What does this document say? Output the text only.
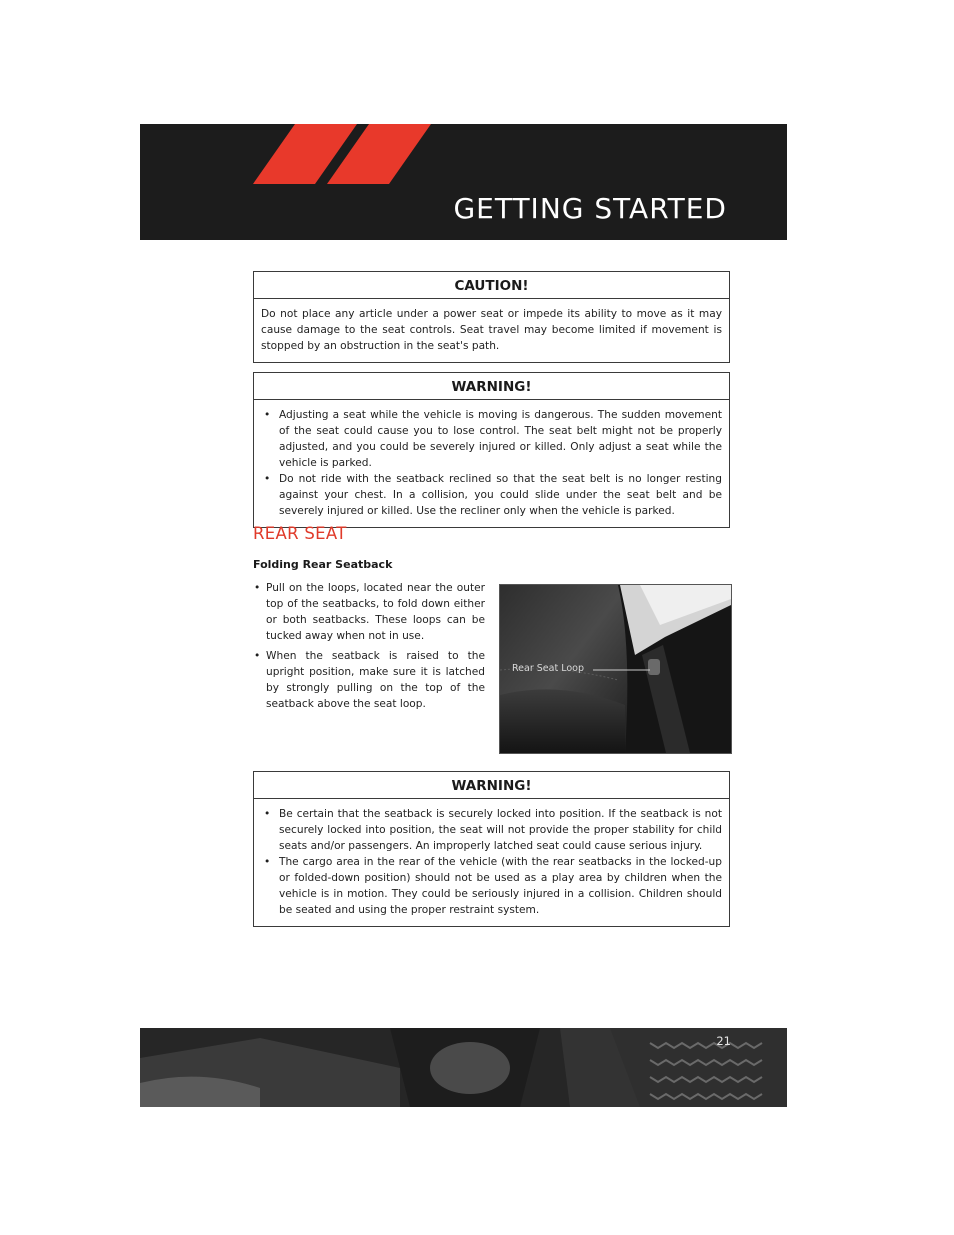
GETTING STARTED
CAUTION!
Do not place any article under a power seat or impede its ability to move as it may cause damage to the seat controls. Seat travel may become limited if movement is stopped by an obstruction in the seat's path.
WARNING!
• Adjusting a seat while the vehicle is moving is dangerous. The sudden movement of the seat could cause you to lose control. The seat belt might not be properly adjusted, and you could be severely injured or killed. Only adjust a seat while the vehicle is parked.
• Do not ride with the seatback reclined so that the seat belt is no longer resting against your chest. In a collision, you could slide under the seat belt and be severely injured or killed. Use the recliner only when the vehicle is parked.
REAR SEAT
Folding Rear Seatback
• Pull on the loops, located near the outer top of the seatbacks, to fold down either or both seatbacks. These loops can be tucked away when not in use.
• When the seatback is raised to the upright position, make sure it is latched by strongly pulling on the top of the seatback above the seat loop.
Rear Seat Loop
WARNING!
• Be certain that the seatback is securely locked into position. If the seatback is not securely locked into position, the seat will not provide the proper stability for child seats and/or passengers. An improperly latched seat could cause serious injury.
• The cargo area in the rear of the vehicle (with the rear seatbacks in the locked-up or folded-down position) should not be used as a play area by children when the vehicle is in motion. They could be seriously injured in a collision. Children should be seated and using the proper restraint system.
21
